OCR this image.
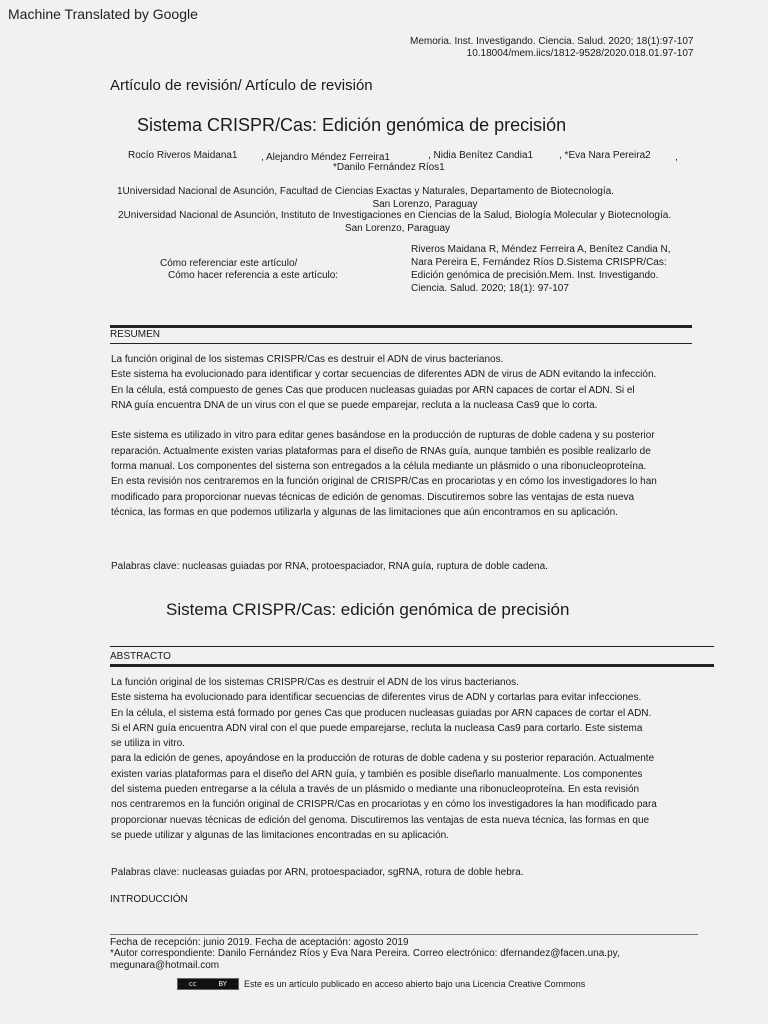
Machine Translated by Google
Memoria. Inst. Investigando. Ciencia. Salud. 2020; 18(1):97-107
10.18004/mem.iics/1812-9528/2020.018.01.97-107
Artículo de revisión/ Artículo de revisión
Sistema CRISPR/Cas: Edición genómica de precisión
Rocío Riveros Maidana1 , Alejandro Méndez Ferreira1	, Nidia Benítez Candia1	, *Eva Nara Pereira2 ,
*Danilo Fernández Ríos1
1Universidad Nacional de Asunción, Facultad de Ciencias Exactas y Naturales, Departamento de Biotecnología.
San Lorenzo, Paraguay
2Universidad Nacional de Asunción, Instituto de Investigaciones en Ciencias de la Salud, Biología Molecular y Biotecnología.
San Lorenzo, Paraguay
Cómo referenciar este artículo/
Cómo hacer referencia a este artículo:
Riveros Maidana R, Méndez Ferreira A, Benítez Candia N,
Nara Pereira E, Fernández Ríos D.Sistema CRISPR/Cas:
Edición genómica de precisión.Mem. Inst. Investigando.
Ciencia. Salud. 2020; 18(1): 97-107
RESUMEN

La función original de los sistemas CRISPR/Cas es destruir el ADN de virus bacterianos.

Este sistema ha evolucionado para identificar y cortar secuencias de diferentes ADN de virus de ADN evitando la infección.

En la célula, está compuesto de genes Cas que producen nucleasas guiadas por ARN capaces de cortar el ADN. Si el

RNA guía encuentra DNA de un virus con el que se puede emparejar, recluta a la nucleasa Cas9 que lo corta.

Este sistema es utilizado in vitro para editar genes basándose en la producción de rupturas de doble cadena y su posterior

reparación. Actualmente existen varias plataformas para el diseño de RNAs guía, aunque también es posible realizarlo de

forma manual. Los componentes del sistema son entregados a la célula mediante un plásmido o una ribonucleoproteína.

En esta revisión nos centraremos en la función original de CRISPR/Cas en procariotas y en cómo los investigadores lo han

modificado para proporcionar nuevas técnicas de edición de genomas. Discutiremos sobre las ventajas de esta nueva

técnica, las formas en que podemos utilizarla y algunas de las limitaciones que aún encontramos en su aplicación.

Palabras clave: nucleasas guiadas por RNA, protoespaciador, RNA guía, ruptura de doble cadena.
Sistema CRISPR/Cas: edición genómica de precisión
ABSTRACTO

La función original de los sistemas CRISPR/Cas es destruir el ADN de los virus bacterianos.

Este sistema ha evolucionado para identificar secuencias de diferentes virus de ADN y cortarlas para evitar infecciones.

En la célula, el sistema está formado por genes Cas que producen nucleasas guiadas por ARN capaces de cortar el ADN.

Si el ARN guía encuentra ADN viral con el que puede emparejarse, recluta la nucleasa Cas9 para cortarlo. Este sistema

se utiliza in vitro.

para la edición de genes, apoyándose en la producción de roturas de doble cadena y su posterior reparación. Actualmente

existen varias plataformas para el diseño del ARN guía, y también es posible diseñarlo manualmente. Los componentes

del sistema pueden entregarse a la célula a través de un plásmido o mediante una ribonucleoproteína. En esta revisión

nos centraremos en la función original de CRISPR/Cas en procariotas y en cómo los investigadores la han modificado para

proporcionar nuevas técnicas de edición del genoma. Discutiremos las ventajas de esta nueva técnica, las formas en que

se puede utilizar y algunas de las limitaciones encontradas en su aplicación.

Palabras clave: nucleasas guiadas por ARN, protoespaciador, sgRNA, rotura de doble hebra.
INTRODUCCIÓN
Fecha de recepción: junio 2019. Fecha de aceptación: agosto 2019
*Autor correspondiente: Danilo Fernández Ríos y Eva Nara Pereira. Correo electrónico: dfernandez@facen.una.py,
megunara@hotmail.com
cc	BY Este es un artículo publicado en acceso abierto bajo una Licencia Creative Commons
